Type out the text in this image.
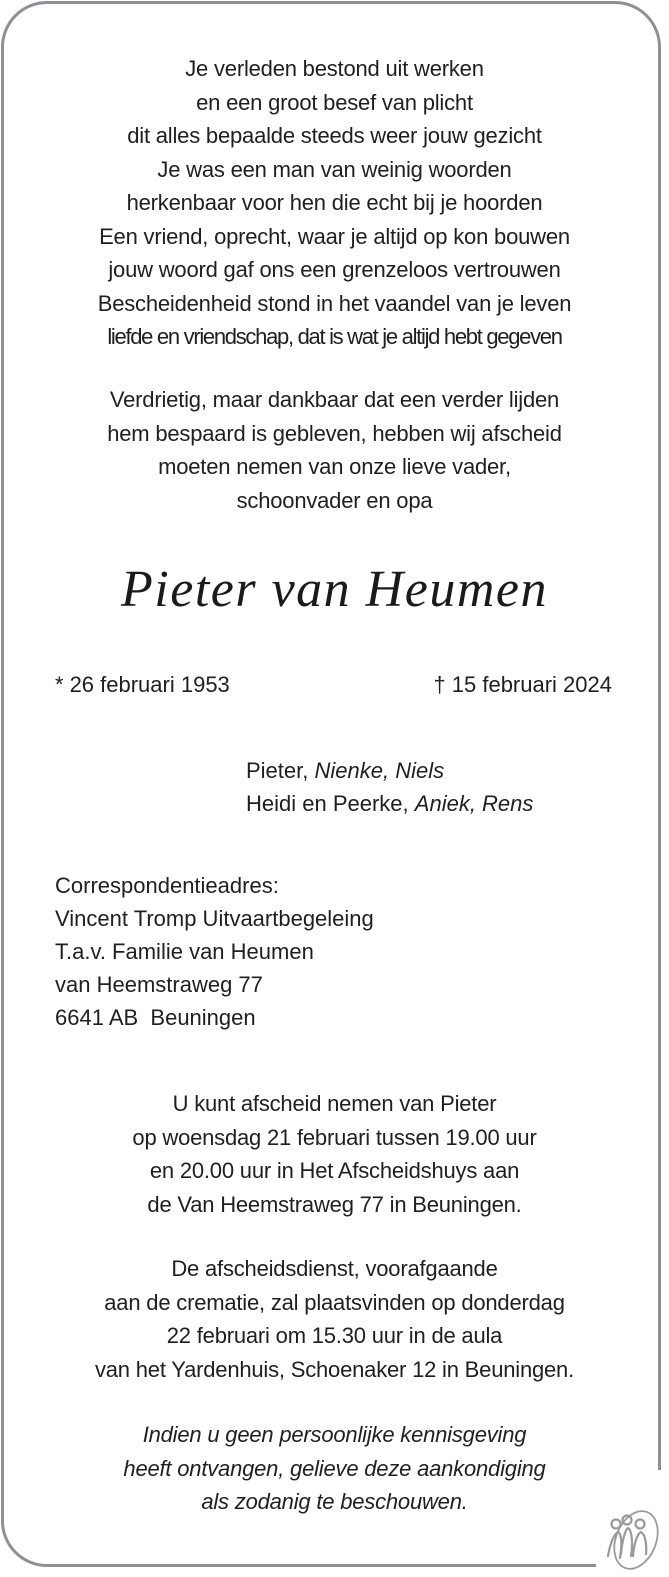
Je verleden bestond uit werken
en een groot besef van plicht
dit alles bepaalde steeds weer jouw gezicht
Je was een man van weinig woorden
herkenbaar voor hen die echt bij je hoorden
Een vriend, oprecht, waar je altijd op kon bouwen
jouw woord gaf ons een grenzeloos vertrouwen
Bescheidenheid stond in het vaandel van je leven
liefde en vriendschap, dat is wat je altijd hebt gegeven
Verdrietig, maar dankbaar dat een verder lijden
hem bespaard is gebleven, hebben wij afscheid
moeten nemen van onze lieve vader,
schoonvader en opa
Pieter van Heumen
* 26 februari 1953	† 15 februari 2024
Pieter, Nienke, Niels
Heidi en Peerke, Aniek, Rens
Correspondentieadres:
Vincent Tromp Uitvaartbegeleing
T.a.v. Familie van Heumen
van Heemstraweg 77
6641 AB  Beuningen
U kunt afscheid nemen van Pieter
op woensdag 21 februari tussen 19.00 uur
en 20.00 uur in Het Afscheidshuys aan
de Van Heemstraweg 77 in Beuningen.
De afscheidsdienst, voorafgaande
aan de crematie, zal plaatsvinden op donderdag
22 februari om 15.30 uur in de aula
van het Yardenhuis, Schoenaker 12 in Beuningen.
Indien u geen persoonlijke kennisgeving
heeft ontvangen, gelieve deze aankondiging
als zodanig te beschouwen.
